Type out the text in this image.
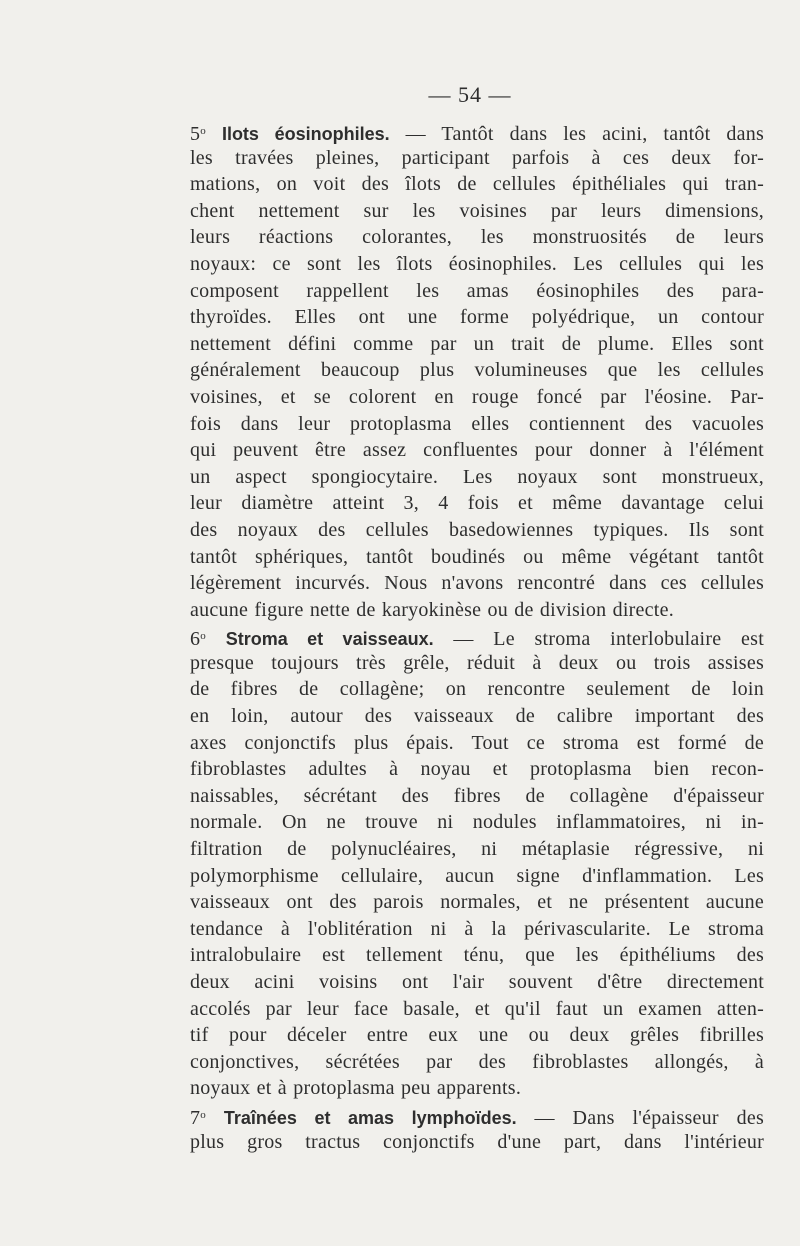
— 54 —
5$^o$ Ilots éosinophiles. — Tantôt dans les acini, tantôt dans
les travées pleines, participant parfois à ces deux for-
mations, on voit des îlots de cellules épithéliales qui tran-
chent nettement sur les voisines par leurs dimensions,
leurs réactions colorantes, les monstruosités de leurs
noyaux: ce sont les îlots éosinophiles. Les cellules qui les
composent rappellent les amas éosinophiles des para-
thyroïdes. Elles ont une forme polyédrique, un contour
nettement défini comme par un trait de plume. Elles sont
généralement beaucoup plus volumineuses que les cellules
voisines, et se colorent en rouge foncé par l'éosine. Par-
fois dans leur protoplasma elles contiennent des vacuoles
qui peuvent être assez confluentes pour donner à l'élément
un aspect spongiocytaire. Les noyaux sont monstrueux,
leur diamètre atteint 3, 4 fois et même davantage celui
des noyaux des cellules basedowiennes typiques. Ils sont
tantôt sphériques, tantôt boudinés ou même végétant tantôt
légèrement incurvés. Nous n'avons rencontré dans ces cellules
aucune figure nette de karyokinèse ou de division directe.
6$^o$ Stroma et vaisseaux. — Le stroma interlobulaire est
presque toujours très grêle, réduit à deux ou trois assises
de fibres de collagène; on rencontre seulement de loin
en loin, autour des vaisseaux de calibre important des
axes conjonctifs plus épais. Tout ce stroma est formé de
fibroblastes adultes à noyau et protoplasma bien recon-
naissables, sécrétant des fibres de collagène d'épaisseur
normale. On ne trouve ni nodules inflammatoires, ni in-
filtration de polynucléaires, ni métaplasie régressive, ni
polymorphisme cellulaire, aucun signe d'inflammation. Les
vaisseaux ont des parois normales, et ne présentent aucune
tendance à l'oblitération ni à la périvascularite. Le stroma
intralobulaire est tellement ténu, que les épithéliums des
deux acini voisins ont l'air souvent d'être directement
accolés par leur face basale, et qu'il faut un examen atten-
tif pour déceler entre eux une ou deux grêles fibrilles
conjonctives, sécrétées par des fibroblastes allongés, à
noyaux et à protoplasma peu apparents.
7$^o$ Traînées et amas lymphoïdes. — Dans l'épaisseur des
plus gros tractus conjonctifs d'une part, dans l'intérieur
